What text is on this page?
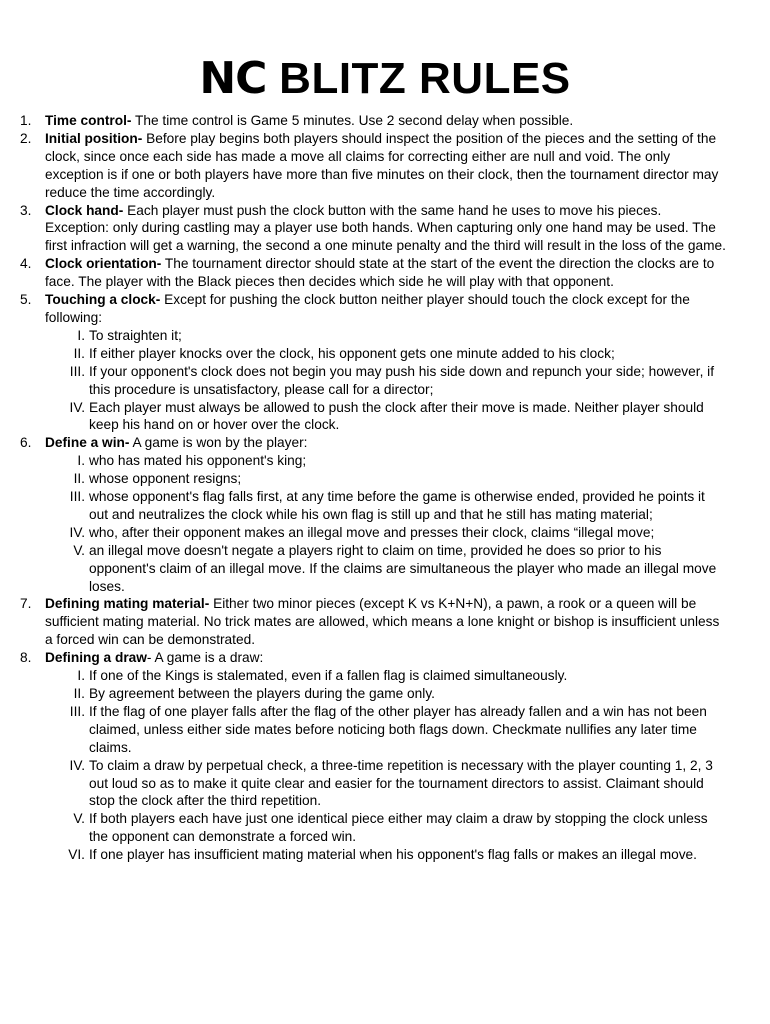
NC BLITZ RULES
1. Time control- The time control is Game 5 minutes. Use 2 second delay when possible.
2. Initial position- Before play begins both players should inspect the position of the pieces and the setting of the clock, since once each side has made a move all claims for correcting either are null and void. The only exception is if one or both players have more than five minutes on their clock, then the tournament director may reduce the time accordingly.
3. Clock hand- Each player must push the clock button with the same hand he uses to move his pieces. Exception: only during castling may a player use both hands. When capturing only one hand may be used. The first infraction will get a warning, the second a one minute penalty and the third will result in the loss of the game.
4. Clock orientation- The tournament director should state at the start of the event the direction the clocks are to face. The player with the Black pieces then decides which side he will play with that opponent.
5. Touching a clock- Except for pushing the clock button neither player should touch the clock except for the following:
I. To straighten it;
II. If either player knocks over the clock, his opponent gets one minute added to his clock;
III. If your opponent's clock does not begin you may push his side down and repunch your side; however, if this procedure is unsatisfactory, please call for a director;
IV. Each player must always be allowed to push the clock after their move is made. Neither player should keep his hand on or hover over the clock.
6. Define a win- A game is won by the player:
I. who has mated his opponent's king;
II. whose opponent resigns;
III. whose opponent's flag falls first, at any time before the game is otherwise ended, provided he points it out and neutralizes the clock while his own flag is still up and that he still has mating material;
IV. who, after their opponent makes an illegal move and presses their clock, claims “illegal move;
V. an illegal move doesn't negate a players right to claim on time, provided he does so prior to his opponent's claim of an illegal move. If the claims are simultaneous the player who made an illegal move loses.
7. Defining mating material- Either two minor pieces (except K vs K+N+N), a pawn, a rook or a queen will be sufficient mating material. No trick mates are allowed, which means a lone knight or bishop is insufficient unless a forced win can be demonstrated.
8. Defining a draw- A game is a draw:
I. If one of the Kings is stalemated, even if a fallen flag is claimed simultaneously.
II. By agreement between the players during the game only.
III. If the flag of one player falls after the flag of the other player has already fallen and a win has not been claimed, unless either side mates before noticing both flags down. Checkmate nullifies any later time claims.
IV. To claim a draw by perpetual check, a three-time repetition is necessary with the player counting 1, 2, 3 out loud so as to make it quite clear and easier for the tournament directors to assist. Claimant should stop the clock after the third repetition.
V. If both players each have just one identical piece either may claim a draw by stopping the clock unless the opponent can demonstrate a forced win.
VI. If one player has insufficient mating material when his opponent's flag falls or makes an illegal move.
